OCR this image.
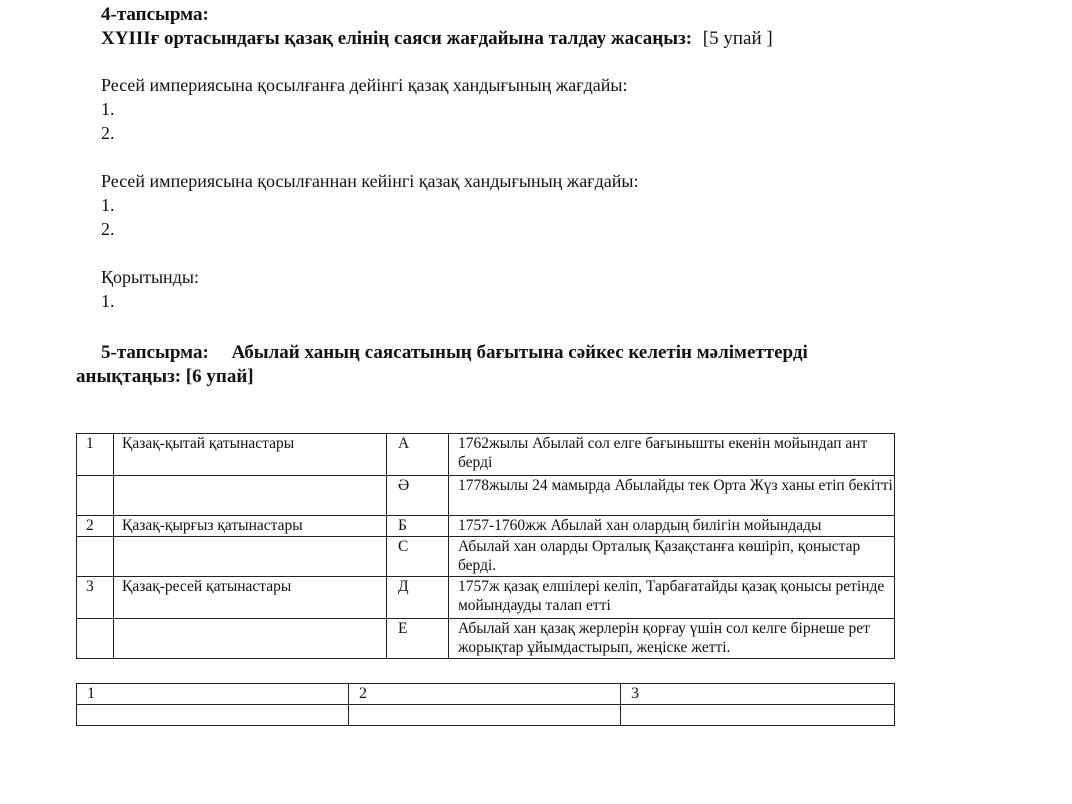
4-тапсырма:
ХҮІІІғ ортасындағы қазақ елінің саяси жағдайына талдау жасаңыз: [5 упай ]
Ресей империясына қосылғанға дейінгі қазақ хандығының жағдайы:
1.
2.
Ресей империясына қосылғаннан кейінгі қазақ хандығының жағдайы:
1.
2.
Қорытынды:
1.
5-тапсырма: Абылай ханың саясатының бағытына сәйкес келетін мәліметтерді
анықтаңыз: [6 упай]
1	Қазақ-қытай қатынастары	А	1762жылы Абылай сол елге бағынышты екенін мойындап ант берді
		Ә	1778жылы 24 мамырда Абылайды тек Орта Жүз ханы етіп бекітті
2	Қазақ-қырғыз қатынастары	Б	1757-1760жж Абылай хан олардың билігін мойындады
		С	Абылай хан оларды Орталық Қазақстанға көшіріп, қоныстар берді.
3	Қазақ-ресей қатынастары	Д	1757ж қазақ елшілері келіп, Тарбағатайды қазақ қонысы ретінде мойындауды талап етті
		Е	Абылай хан қазақ жерлерін қорғау үшін сол келге бірнеше рет жорықтар ұйымдастырып, жеңіске жетті.
1	2	3
